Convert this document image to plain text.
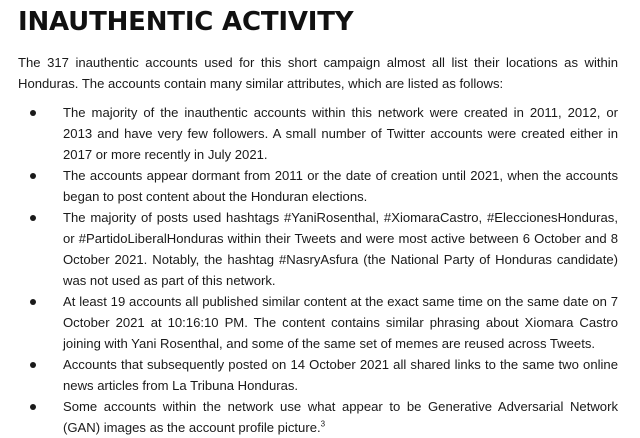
INAUTHENTIC ACTIVITY

The 317 inauthentic accounts used for this short campaign almost all list their locations as within Honduras. The accounts contain many similar attributes, which are listed as follows:

The majority of the inauthentic accounts within this network were created in 2011, 2012, or 2013 and have very few followers. A small number of Twitter accounts were created either in 2017 or more recently in July 2021.
The accounts appear dormant from 2011 or the date of creation until 2021, when the accounts began to post content about the Honduran elections.
The majority of posts used hashtags #YaniRosenthal, #XiomaraCastro, #EleccionesHonduras, or #PartidoLiberalHonduras within their Tweets and were most active between 6 October and 8 October 2021. Notably, the hashtag #NasryAsfura (the National Party of Honduras candidate) was not used as part of this network.
At least 19 accounts all published similar content at the exact same time on the same date on 7 October 2021 at 10:16:10 PM. The content contains similar phrasing about Xiomara Castro joining with Yani Rosenthal, and some of the same set of memes are reused across Tweets.
Accounts that subsequently posted on 14 October 2021 all shared links to the same two online news articles from La Tribuna Honduras.
Some accounts within the network use what appear to be Generative Adversarial Network (GAN) images as the account profile picture.$^3$
